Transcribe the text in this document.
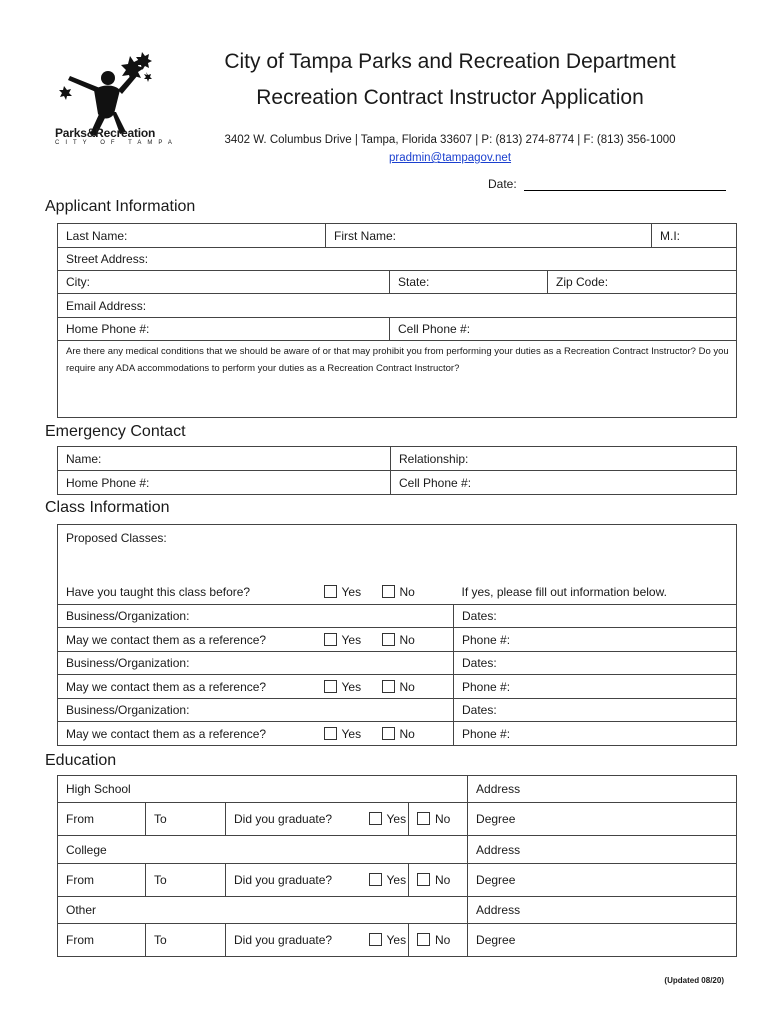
Parks&Recreation
CITY OF TAMPA
City of Tampa Parks and Recreation Department
Recreation Contract Instructor Application
3402 W. Columbus Drive | Tampa, Florida 33607 | P: (813) 274-8774 | F: (813) 356-1000
pradmin@tampagov.net
Date:
Applicant Information
Last Name:	First Name:			M.I:
Street Address:				
City:		State:	Zip Code:	
Email Address:				
Home Phone #:		Cell Phone #:		
Are there any medical conditions that we should be aware of or that may prohibit you from performing your duties as a Recreation Contract Instructor? Do you require any ADA accommodations to perform your duties as a Recreation Contract Instructor?				
Emergency Contact
Name:	Relationship:
Home Phone #:	Cell Phone #:
Class Information
Proposed Classes:			
Have you taught this class before?	Yes	No	If yes, please fill out information below.
Business/Organization:			Dates:
May we contact them as a reference?	Yes	No	Phone #:
Business/Organization:			Dates:
May we contact them as a reference?	Yes	No	Phone #:
Business/Organization:			Dates:
May we contact them as a reference?	Yes	No	Phone #:
Education
High School					Address
From	To	Did you graduate?	Yes	No	Degree
College					Address
From	To	Did you graduate?	Yes	No	Degree
Other					Address
From	To	Did you graduate?	Yes	No	Degree
(Updated 08/20)
